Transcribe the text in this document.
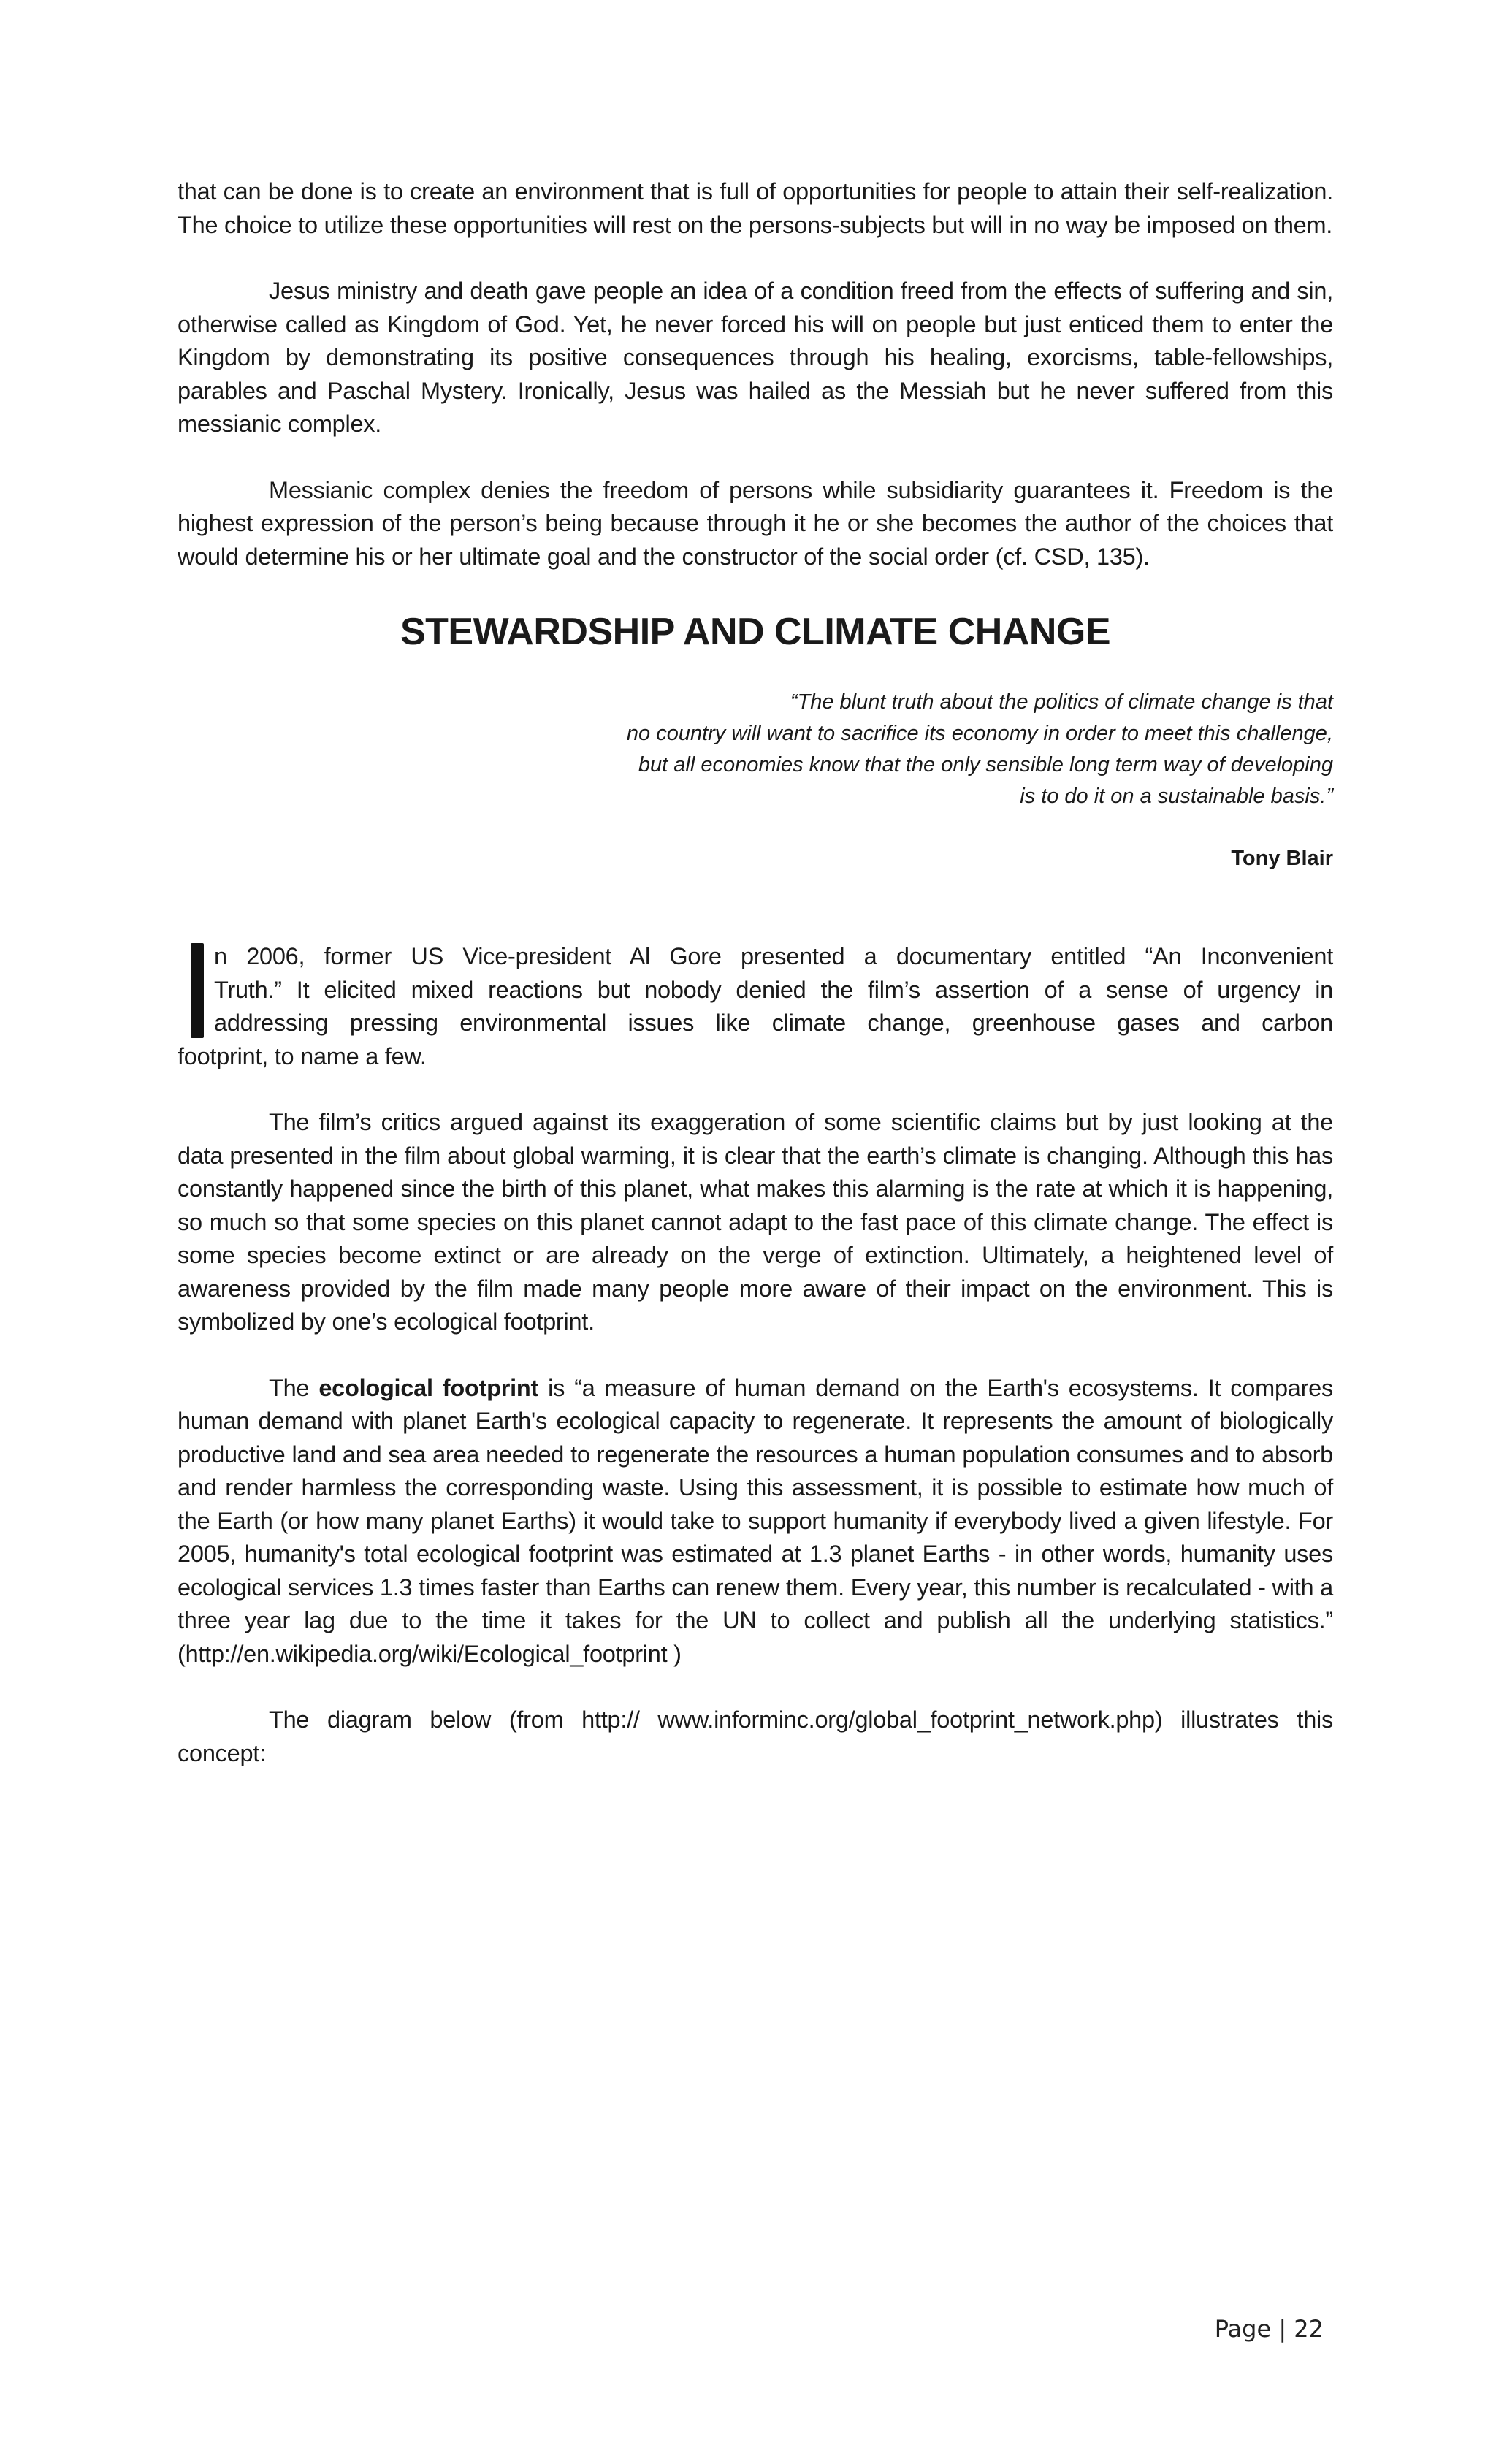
that can be done is to create an environment that is full of opportunities for people to attain their self-realization. The choice to utilize these opportunities will rest on the persons-subjects but will in no way be imposed on them.

Jesus ministry and death gave people an idea of a condition freed from the effects of suffering and sin, otherwise called as Kingdom of God. Yet, he never forced his will on people but just enticed them to enter the Kingdom by demonstrating its positive consequences through his healing, exorcisms, table-fellowships, parables and Paschal Mystery. Ironically, Jesus was hailed as the Messiah but he never suffered from this messianic complex.

Messianic complex denies the freedom of persons while subsidiarity guarantees it. Freedom is the highest expression of the person’s being because through it he or she becomes the author of the choices that would determine his or her ultimate goal and the constructor of the social order (cf. CSD, 135).

STEWARDSHIP AND CLIMATE CHANGE
“The blunt truth about the politics of climate change is that
no country will want to sacrifice its economy in order to meet this challenge,
but all economies know that the only sensible long term way of developing
is to do it on a sustainable basis.”
Tony Blair

n 2006, former US Vice-president Al Gore presented a documentary entitled “An Inconvenient

Truth.” It elicited mixed reactions but nobody denied the film’s assertion of a sense of urgency in

addressing pressing environmental issues like climate change, greenhouse gases and carbon

footprint, to name a few.

The film’s critics argued against its exaggeration of some scientific claims but by just looking at the data presented in the film about global warming, it is clear that the earth’s climate is changing. Although this has constantly happened since the birth of this planet, what makes this alarming is the rate at which it is happening, so much so that some species on this planet cannot adapt to the fast pace of this climate change. The effect is some species become extinct or are already on the verge of extinction. Ultimately, a heightened level of awareness provided by the film made many people more aware of their impact on the environment. This is symbolized by one’s ecological footprint.

The ecological footprint is “a measure of human demand on the Earth's ecosystems. It compares human demand with planet Earth's ecological capacity to regenerate. It represents the amount of biologically productive land and sea area needed to regenerate the resources a human population consumes and to absorb and render harmless the corresponding waste. Using this assessment, it is possible to estimate how much of the Earth (or how many planet Earths) it would take to support humanity if everybody lived a given lifestyle. For 2005, humanity's total ecological footprint was estimated at 1.3 planet Earths - in other words, humanity uses ecological services 1.3 times faster than Earths can renew them. Every year, this number is recalculated - with a three year lag due to the time it takes for the UN to collect and publish all the underlying statistics.” (http://en.wikipedia.org/wiki/Ecological_footprint )

The diagram below (from http:// www.informinc.org/global_footprint_network.php) illustrates this concept:

Page | 22
